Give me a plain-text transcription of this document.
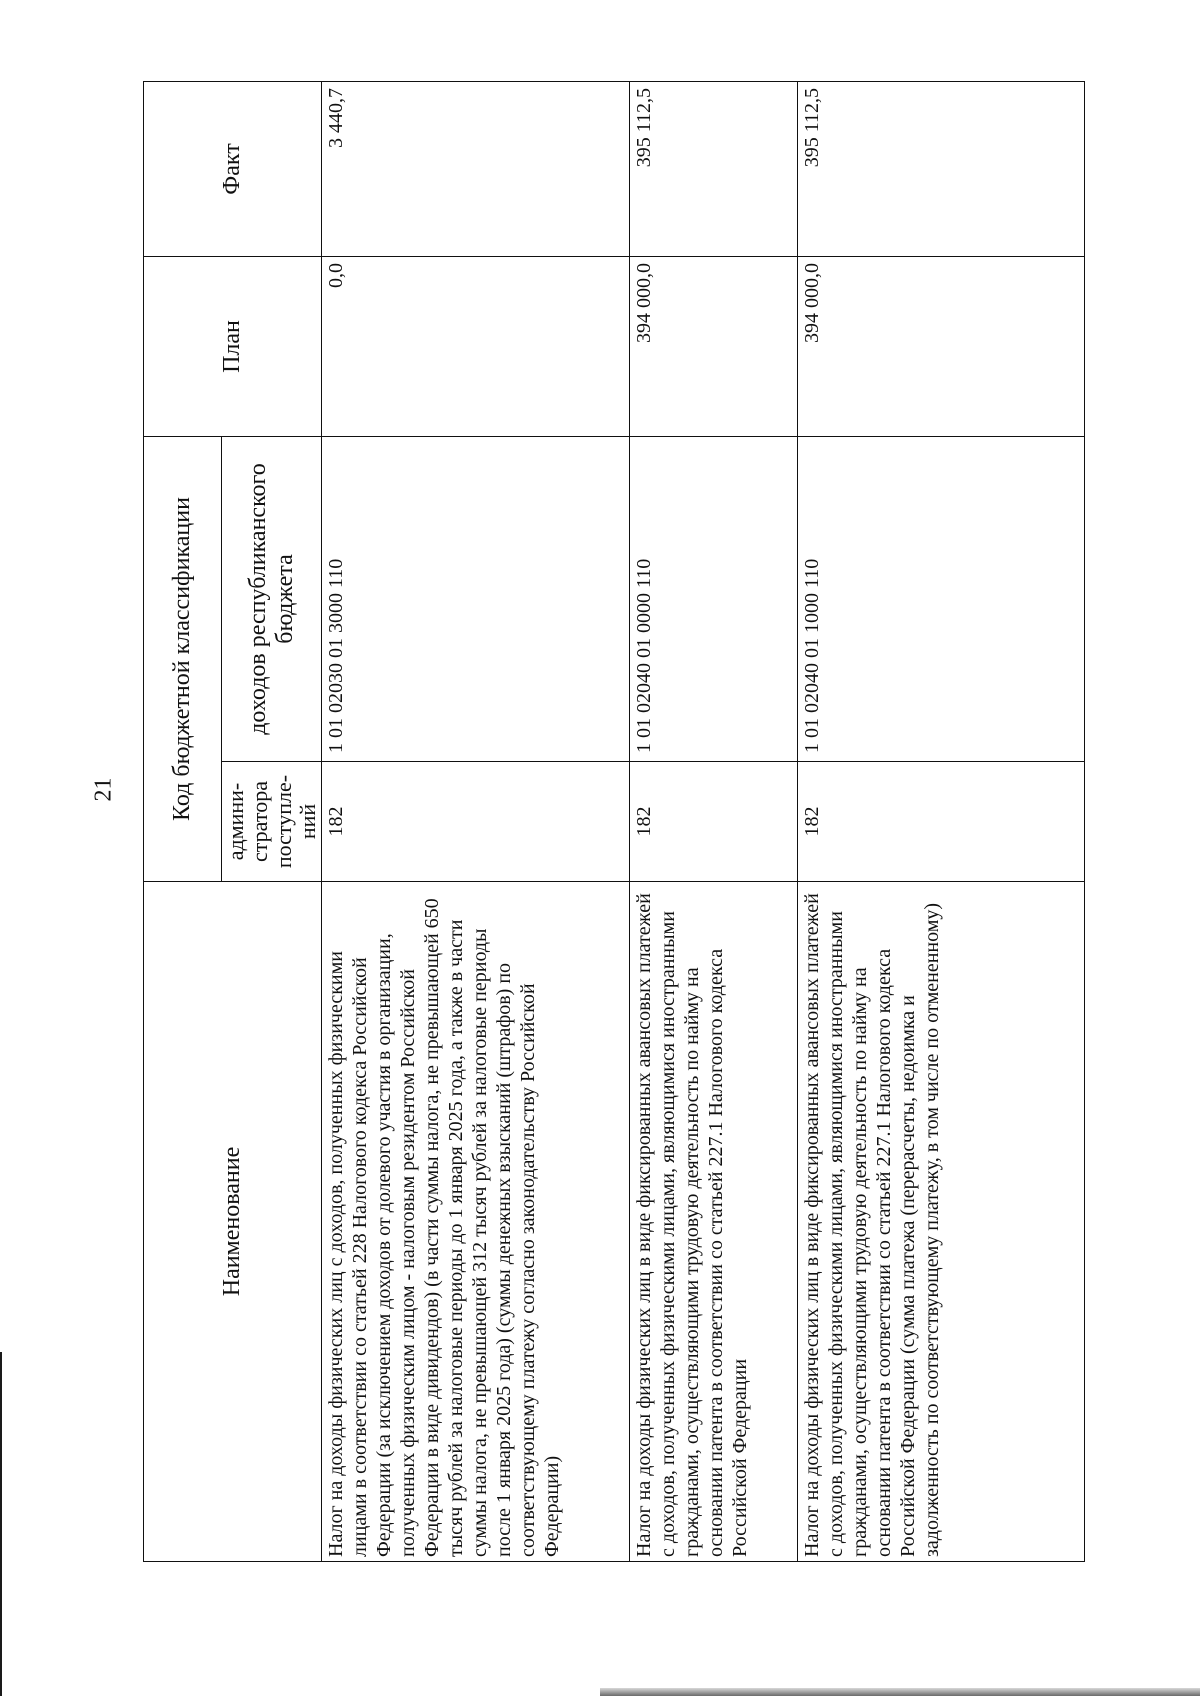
21
Наименование	Код бюджетной классификации		План	Факт
	админи-стратора поступле-ний	доходов республиканского бюджета		
Налог на доходы физических лиц с доходов, полученных физическими лицами в соответствии со статьей 228 Налогового кодекса Российской Федерации (за исключением доходов от долевого участия в организации, полученных физическим лицом - налоговым резидентом Российской Федерации в виде дивидендов) (в части суммы налога, не превышающей 650 тысяч рублей за налоговые периоды до 1 января 2025 года, а также в части суммы налога, не превышающей 312 тысяч рублей за налоговые периоды после 1 января 2025 года) (суммы денежных взысканий (штрафов) по соответствующему платежу согласно законодательству Российской Федерации)	182	1 01 02030 01 3000 110	0,0	3 440,7
Налог на доходы физических лиц в виде фиксированных авансовых платежей с доходов, полученных физическими лицами, являющимися иностранными гражданами, осуществляющими трудовую деятельность по найму на основании патента в соответствии со статьей 227.1 Налогового кодекса Российской Федерации	182	1 01 02040 01 0000 110	394 000,0	395 112,5
Налог на доходы физических лиц в виде фиксированных авансовых платежей с доходов, полученных физическими лицами, являющимися иностранными гражданами, осуществляющими трудовую деятельность по найму на основании патента в соответствии со статьей 227.1 Налогового кодекса Российской Федерации (сумма платежа (перерасчеты, недоимка и задолженность по соответствующему платежу, в том числе по отмененному)	182	1 01 02040 01 1000 110	394 000,0	395 112,5
